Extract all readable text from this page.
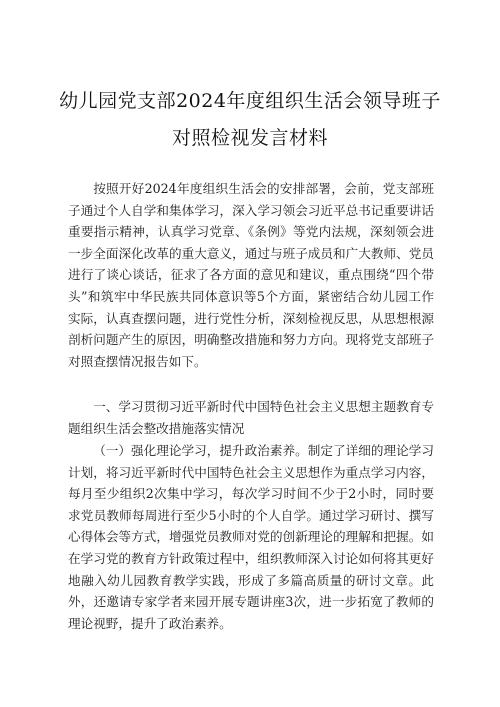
幼儿园党支部2024年度组织生活会领导班子
对照检视发言材料

按照开好2024年度组织生活会的安排部署，会前，党支部班子通过个人自学和集体学习，深入学习领会习近平总书记重要讲话重要指示精神，认真学习党章、《条例》等党内法规，深刻领会进一步全面深化改革的重大意义，通过与班子成员和广大教师、党员进行了谈心谈话，征求了各方面的意见和建议，重点围绕“四个带头”和筑牢中华民族共同体意识等5个方面，紧密结合幼儿园工作实际，认真查摆问题，进行党性分析，深刻检视反思，从思想根源剖析问题产生的原因，明确整改措施和努力方向。现将党支部班子对照查摆情况报告如下。

一、学习贯彻习近平新时代中国特色社会主义思想主题教育专题组织生活会整改措施落实情况

（一）强化理论学习，提升政治素养。制定了详细的理论学习计划，将习近平新时代中国特色社会主义思想作为重点学习内容，每月至少组织2次集中学习，每次学习时间不少于2小时，同时要求党员教师每周进行至少5小时的个人自学。通过学习研讨、撰写心得体会等方式，增强党员教师对党的创新理论的理解和把握。如在学习党的教育方针政策过程中，组织教师深入讨论如何将其更好地融入幼儿园教育教学实践，形成了多篇高质量的研讨文章。此外，还邀请专家学者来园开展专题讲座3次，进一步拓宽了教师的理论视野，提升了政治素养。
